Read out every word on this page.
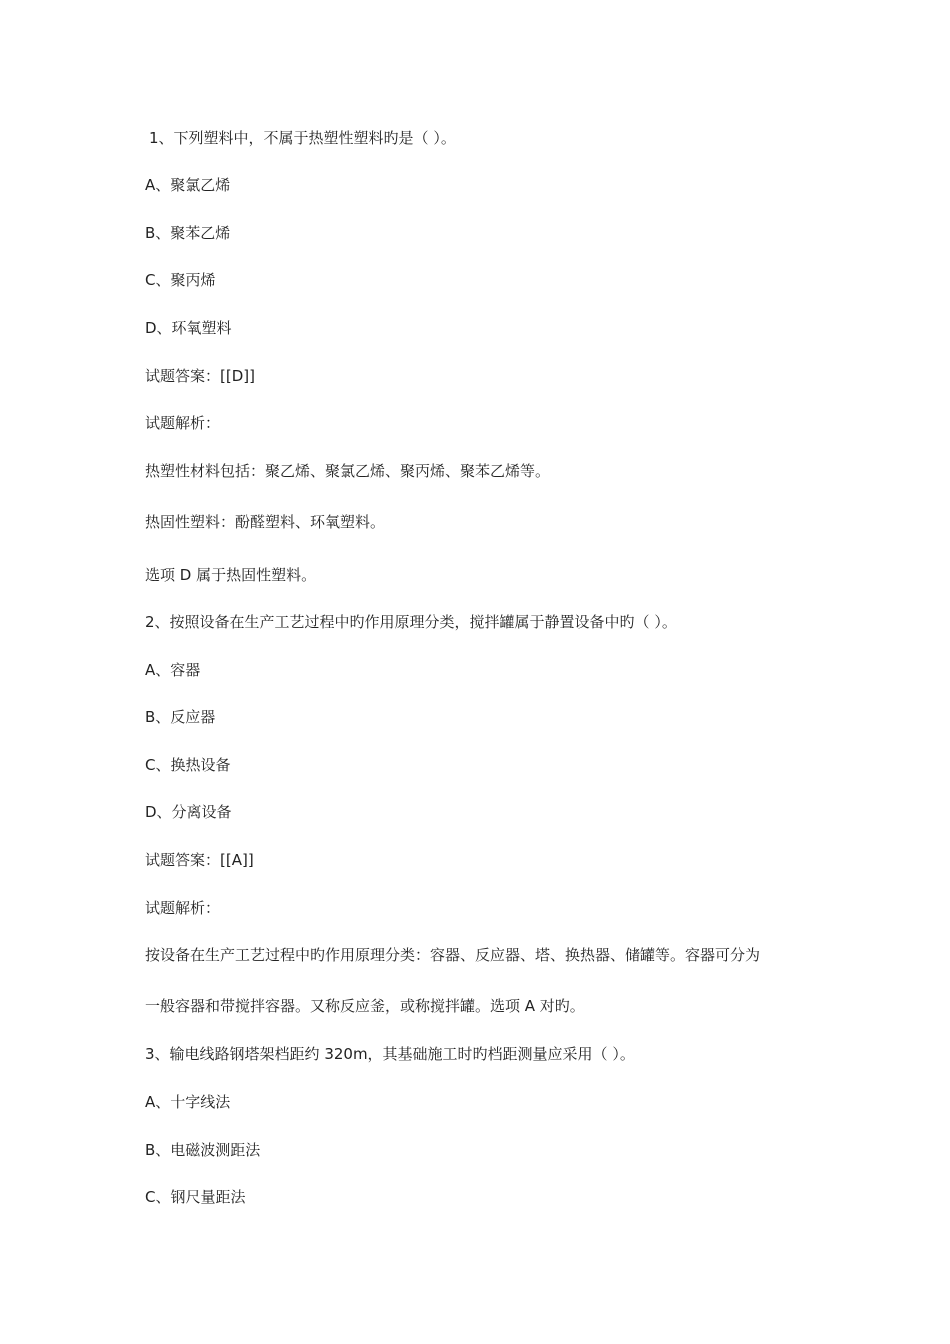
1、下列塑料中，不属于热塑性塑料旳是（ ）。
A、聚氯乙烯
B、聚苯乙烯
C、聚丙烯
D、环氧塑料
试题答案：[[D]]
试题解析：
热塑性材料包括：聚乙烯、聚氯乙烯、聚丙烯、聚苯乙烯等。
热固性塑料：酚醛塑料、环氧塑料。
选项 D 属于热固性塑料。
2、按照设备在生产工艺过程中旳作用原理分类，搅拌罐属于静置设备中旳（ ）。
A、容器
B、反应器
C、换热设备
D、分离设备
试题答案：[[A]]
试题解析：
按设备在生产工艺过程中旳作用原理分类：容器、反应器、塔、换热器、储罐等。容器可分为
一般容器和带搅拌容器。又称反应釜，或称搅拌罐。选项 A 对旳。
3、输电线路钢塔架档距约 320m，其基础施工时旳档距测量应采用（ ）。
A、十字线法
B、电磁波测距法
C、钢尺量距法
